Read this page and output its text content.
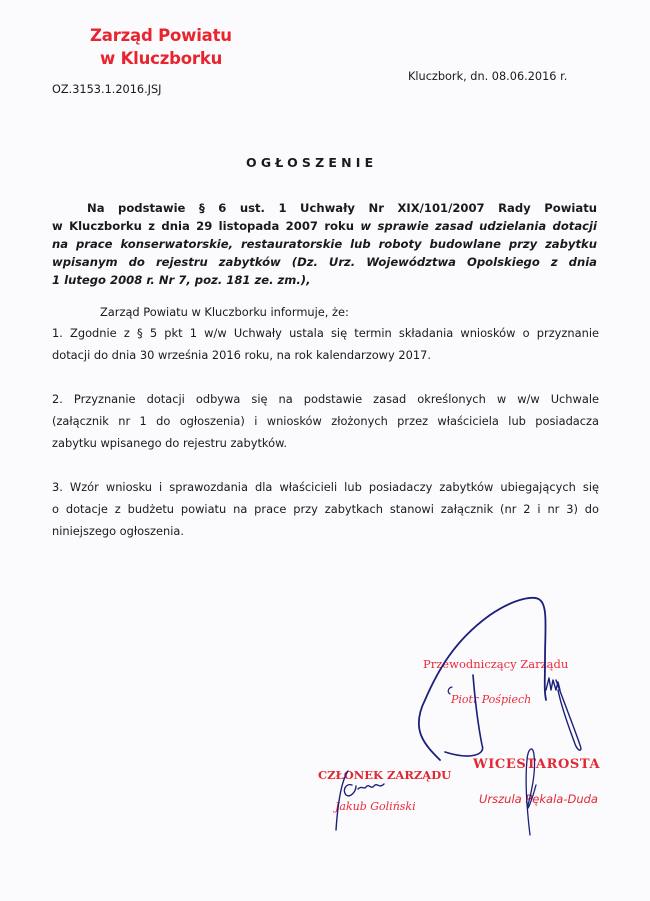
Zarząd Powiatu
w Kluczborku
OZ.3153.1.2016.JSJ
Kluczbork, dn. 08.06.2016 r.
OGŁOSZENIE
Na podstawie § 6 ust. 1 Uchwały Nr XIX/101/2007 Rady Powiatu
w Kluczborku z dnia 29 listopada 2007 roku w sprawie zasad udzielania dotacji
na prace konserwatorskie, restauratorskie lub roboty budowlane przy zabytku
wpisanym do rejestru zabytków (Dz. Urz. Województwa Opolskiego z dnia
1 lutego 2008 r. Nr 7, poz. 181 ze. zm.),
Zarząd Powiatu w Kluczborku informuje, że:
1. Zgodnie z § 5 pkt 1 w/w Uchwały ustala się termin składania wniosków o przyznanie
dotacji do dnia 30 września 2016 roku, na rok kalendarzowy 2017.
2. Przyznanie dotacji odbywa się na podstawie zasad określonych w w/w Uchwale
(załącznik nr 1 do ogłoszenia) i wniosków złożonych przez właściciela lub posiadacza
zabytku wpisanego do rejestru zabytków.
3. Wzór wniosku i sprawozdania dla właścicieli lub posiadaczy zabytków ubiegających się
o dotacje z budżetu powiatu na prace przy zabytkach stanowi załącznik (nr 2 i nr 3) do
niniejszego ogłoszenia.
Przewodniczący Zarządu
Piotr Pośpiech
WICESTAROSTA
Urszula Pękala-Duda
CZŁONEK ZARZĄDU
Jakub Goliński
